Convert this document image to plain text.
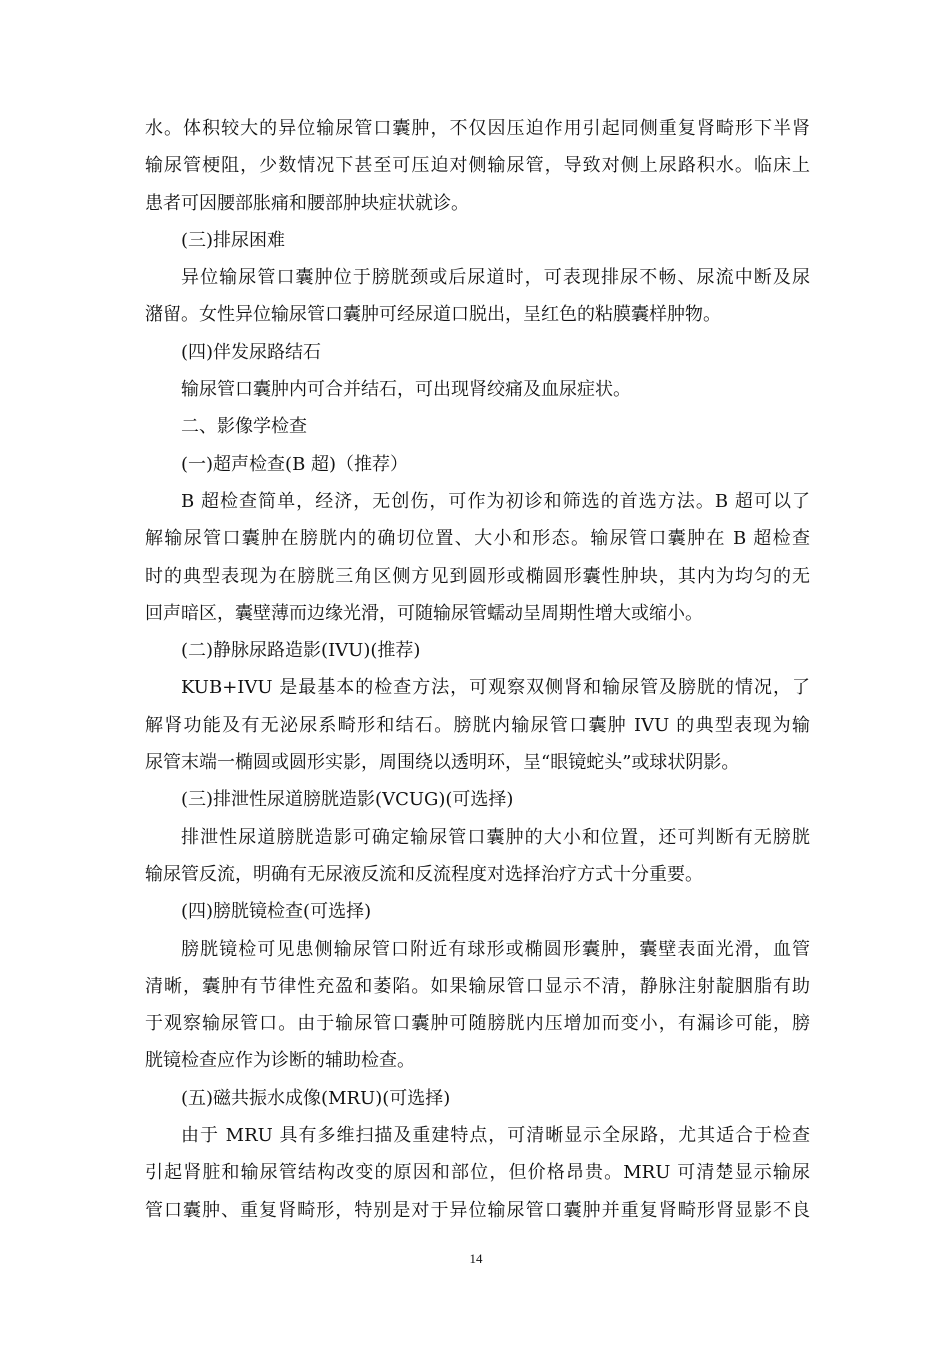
水。体积较大的异位输尿管口囊肿，不仅因压迫作用引起同侧重复肾畸形下半肾
输尿管梗阻，少数情况下甚至可压迫对侧输尿管，导致对侧上尿路积水。临床上
患者可因腰部胀痛和腰部肿块症状就诊。
(三)排尿困难
异位输尿管口囊肿位于膀胱颈或后尿道时，可表现排尿不畅、尿流中断及尿
潴留。女性异位输尿管口囊肿可经尿道口脱出，呈红色的粘膜囊样肿物。
(四)伴发尿路结石
输尿管口囊肿内可合并结石，可出现肾绞痛及血尿症状。
二、影像学检查
(一)超声检查(B 超)（推荐）
B 超检查简单，经济，无创伤，可作为初诊和筛选的首选方法。B 超可以了
解输尿管口囊肿在膀胱内的确切位置、大小和形态。输尿管口囊肿在 B 超检查
时的典型表现为在膀胱三角区侧方见到圆形或椭圆形囊性肿块，其内为均匀的无
回声暗区，囊壁薄而边缘光滑，可随输尿管蠕动呈周期性增大或缩小。
(二)静脉尿路造影(IVU)(推荐)
KUB+IVU 是最基本的检查方法，可观察双侧肾和输尿管及膀胱的情况，了
解肾功能及有无泌尿系畸形和结石。膀胱内输尿管口囊肿 IVU 的典型表现为输
尿管末端一椭圆或圆形实影，周围绕以透明环，呈“眼镜蛇头”或球状阴影。
(三)排泄性尿道膀胱造影(VCUG)(可选择)
排泄性尿道膀胱造影可确定输尿管口囊肿的大小和位置，还可判断有无膀胱
输尿管反流，明确有无尿液反流和反流程度对选择治疗方式十分重要。
(四)膀胱镜检查(可选择)
膀胱镜检可见患侧输尿管口附近有球形或椭圆形囊肿，囊壁表面光滑，血管
清晰，囊肿有节律性充盈和萎陷。如果输尿管口显示不清，静脉注射靛胭脂有助
于观察输尿管口。由于输尿管口囊肿可随膀胱内压增加而变小，有漏诊可能，膀
胱镜检查应作为诊断的辅助检查。
(五)磁共振水成像(MRU)(可选择)
由于 MRU 具有多维扫描及重建特点，可清晰显示全尿路，尤其适合于检查
引起肾脏和输尿管结构改变的原因和部位，但价格昂贵。MRU 可清楚显示输尿
管口囊肿、重复肾畸形，特别是对于异位输尿管口囊肿并重复肾畸形肾显影不良
14
